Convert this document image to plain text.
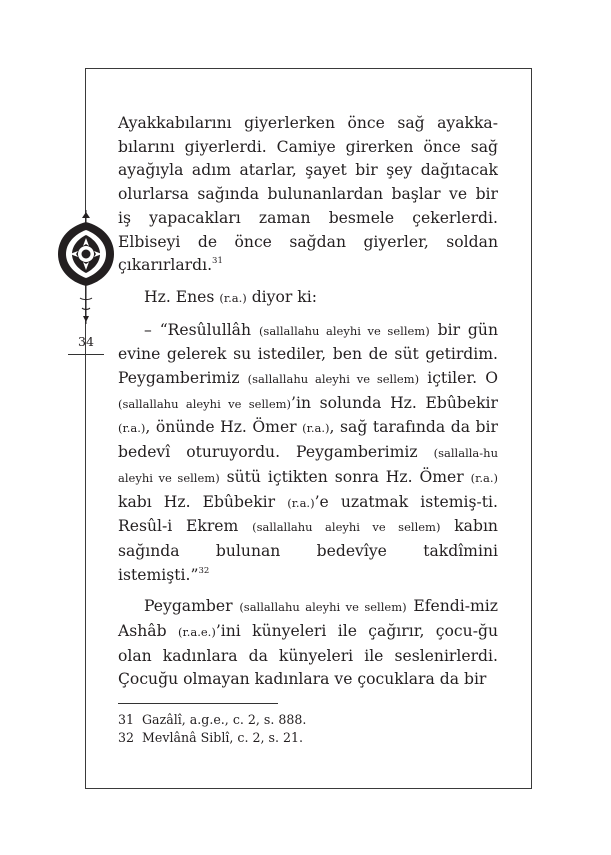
34

Ayakkabılarını giyerlerken önce sağ ayakka- bılarını giyerlerdi. Camiye girerken önce sağ ayağıyla adım atarlar, şayet bir şey dağıtacak olurlarsa sağında bulunanlardan başlar ve bir iş yapacakları zaman besmele çekerlerdi. Elbiseyi de önce sağdan giyerler, soldan çıkarırlardı.$^{31}$

Hz. Enes (r.a.) diyor ki:

– “Resûlullâh (sallallahu aleyhi ve sellem) bir gün evine gelerek su istediler, ben de süt getirdim. Peygamberimiz (sallallahu aleyhi ve sellem) içtiler. O (sallallahu aleyhi ve sellem)’in solunda Hz. Ebûbekir (r.a.), önünde Hz. Ömer (r.a.), sağ tarafında da bir bedevî oturuyordu. Peygamberimiz (sallalla-hu aleyhi ve sellem) sütü içtikten sonra Hz. Ömer (r.a.) kabı Hz. Ebûbekir (r.a.)’e uzatmak istemiş-ti. Resûl-i Ekrem (sallallahu aleyhi ve sellem) kabın sağında bulunan bedevîye takdîmini istemişti.”$^{32}$

Peygamber (sallallahu aleyhi ve sellem) Efendi-miz Ashâb (r.a.e.)’ini künyeleri ile çağırır, çocu-ğu olan kadınlara da künyeleri ile seslenirlerdi. Çocuğu olmayan kadınlara ve çocuklara da bir

31 Gazâlî, a.g.e., c. 2, s. 888.
32 Mevlânâ Siblî, c. 2, s. 21.
